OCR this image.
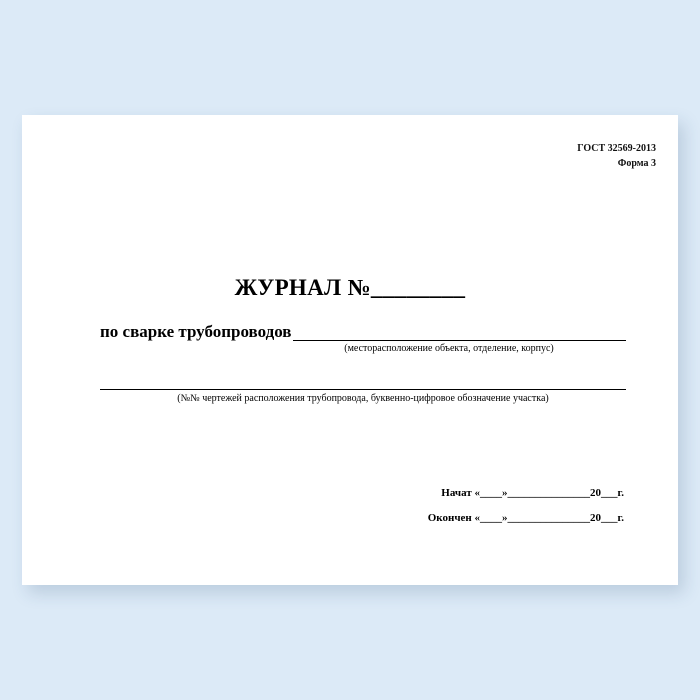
ГОСТ 32569-2013
Форма 3
ЖУРНАЛ №________
по сварке трубопроводов
(месторасположение объекта, отделение, корпус)
(№№ чертежей расположения трубопровода, буквенно-цифровое обозначение участка)
Начат «____»_______________20___г.
Окончен «____»_______________20___г.
